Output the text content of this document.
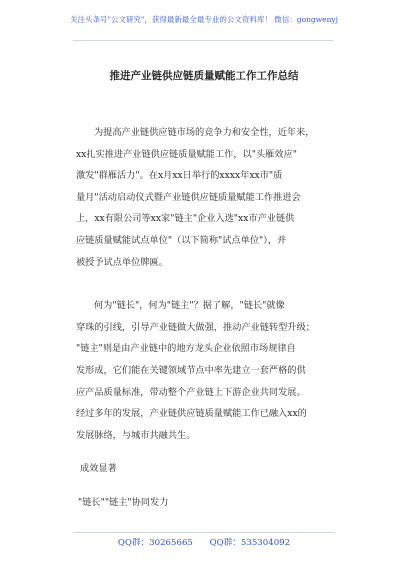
关注头条号"公文研究"，获得最新最全最专业的公文资料库！ 微信：gongwenyj
推进产业链供应链质量赋能工作工作总结
为提高产业链供应链市场的竞争力和安全性，近年来，
xx扎实推进产业链供应链质量赋能工作，以"头雁效应"
激发"群雁活力"。在x月xx日举行的xxxx年xx市"质
量月"活动启动仪式暨产业链供应链质量赋能工作推进会
上，xx有限公司等xx家"链主"企业入选"xx市产业链供
应链质量赋能试点单位"（以下简称"试点单位"），并
被授予试点单位牌匾。
何为"链长"，何为"链主"？据了解，"链长"就像
穿珠的引线，引导产业链做大做强，推动产业链转型升级；
"链主"则是由产业链中的地方龙头企业依照市场规律自
发形成，它们能在关键领域节点中率先建立一套严格的供
应产品质量标准，带动整个产业链上下游企业共同发展。
经过多年的发展，产业链供应链质量赋能工作已融入xx的
发展脉络，与城市共融共生。
成效显著
"链长""链主"协同发力
QQ群：30265665 QQ群：535304092
